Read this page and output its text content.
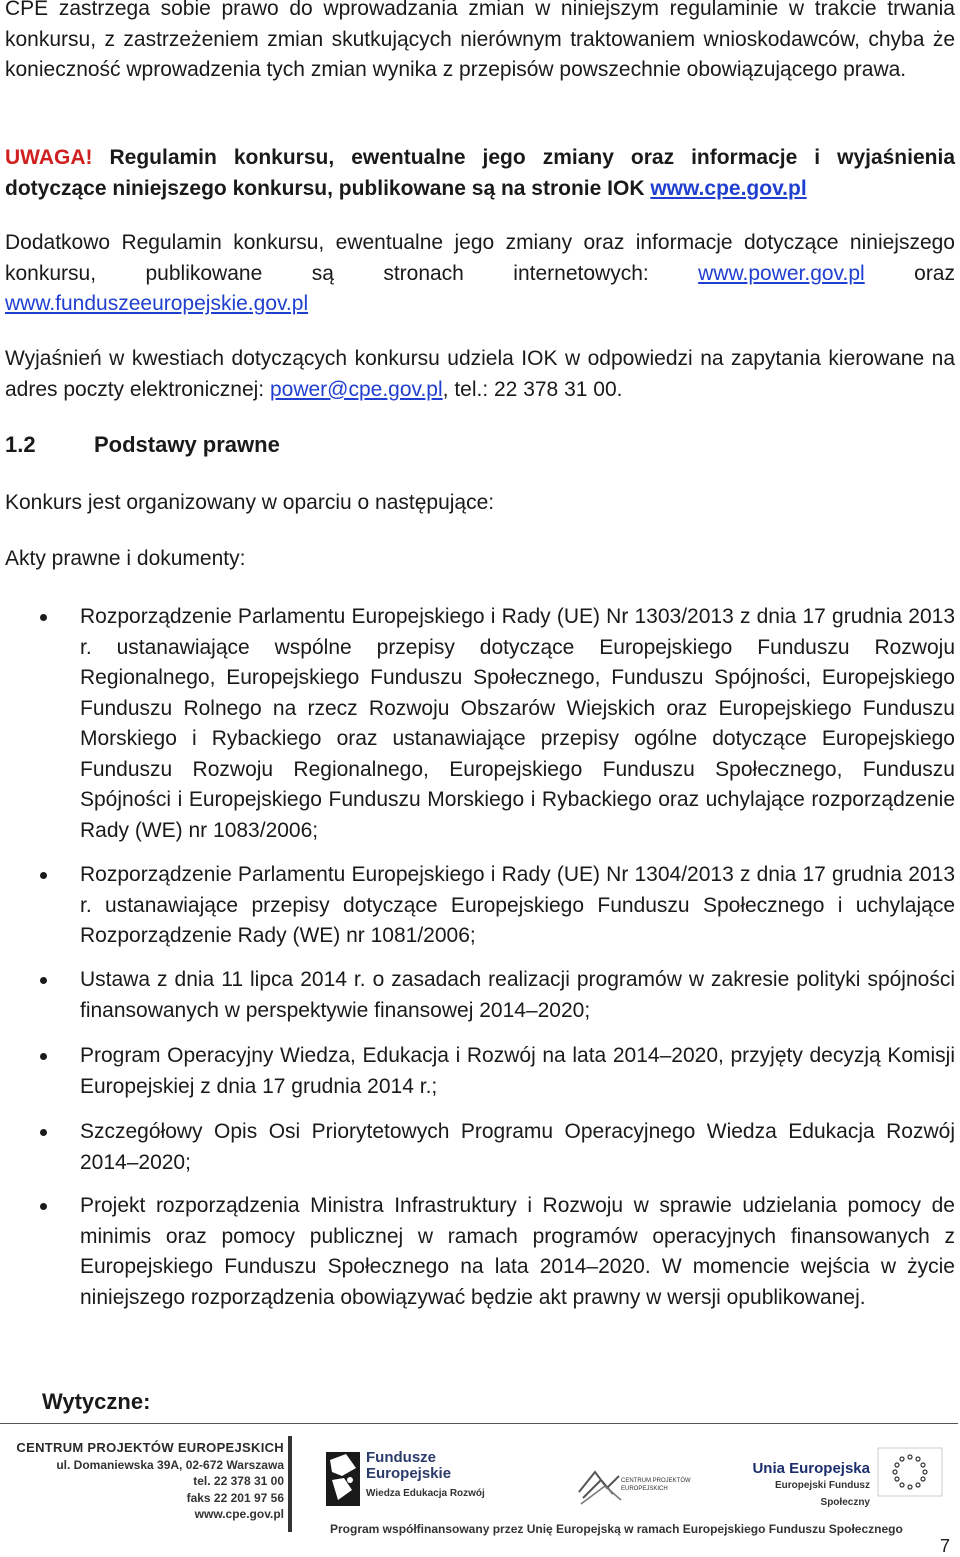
CPE zastrzega sobie prawo do wprowadzania zmian w niniejszym regulaminie w trakcie trwania konkursu, z zastrzeżeniem zmian skutkujących nierównym traktowaniem wnioskodawców, chyba że konieczność wprowadzenia tych zmian wynika z przepisów powszechnie obowiązującego prawa.

UWAGA! Regulamin konkursu, ewentualne jego zmiany oraz informacje i wyjaśnienia dotyczące niniejszego konkursu, publikowane są na stronie IOK www.cpe.gov.pl

Dodatkowo Regulamin konkursu, ewentualne jego zmiany oraz informacje dotyczące niniejszego konkursu, publikowane są stronach internetowych: www.power.gov.pl oraz www.funduszeeuropejskie.gov.pl

Wyjaśnień w kwestiach dotyczących konkursu udziela IOK w odpowiedzi na zapytania kierowane na adres poczty elektronicznej: power@cpe.gov.pl, tel.: 22 378 31 00.

1.2	Podstawy prawne

Konkurs jest organizowany w oparciu o następujące:

Akty prawne i dokumenty:

Rozporządzenie Parlamentu Europejskiego i Rady (UE) Nr 1303/2013 z dnia 17 grudnia 2013 r. ustanawiające wspólne przepisy dotyczące Europejskiego Funduszu Rozwoju Regionalnego, Europejskiego Funduszu Społecznego, Funduszu Spójności, Europejskiego Funduszu Rolnego na rzecz Rozwoju Obszarów Wiejskich oraz Europejskiego Funduszu Morskiego i Rybackiego oraz ustanawiające przepisy ogólne dotyczące Europejskiego Funduszu Rozwoju Regionalnego, Europejskiego Funduszu Społecznego, Funduszu Spójności i Europejskiego Funduszu Morskiego i Rybackiego oraz uchylające rozporządzenie Rady (WE) nr 1083/2006;

Rozporządzenie Parlamentu Europejskiego i Rady (UE) Nr 1304/2013 z dnia 17 grudnia 2013 r. ustanawiające przepisy dotyczące Europejskiego Funduszu Społecznego i uchylające Rozporządzenie Rady (WE) nr 1081/2006;

Ustawa z dnia 11 lipca 2014 r. o zasadach realizacji programów w zakresie polityki spójności finansowanych w perspektywie finansowej 2014–2020;

Program Operacyjny Wiedza, Edukacja i Rozwój na lata 2014–2020, przyjęty decyzją Komisji Europejskiej z dnia 17 grudnia 2014 r.;

Szczegółowy Opis Osi Priorytetowych Programu Operacyjnego Wiedza Edukacja Rozwój 2014–2020;

Projekt rozporządzenia Ministra Infrastruktury i Rozwoju w sprawie udzielania pomocy de minimis oraz pomocy publicznej w ramach programów operacyjnych finansowanych z Europejskiego Funduszu Społecznego na lata 2014–2020. W momencie wejścia w życie niniejszego rozporządzenia obowiązywać będzie akt prawny w wersji opublikowanej.

Wytyczne:

CENTRUM PROJEKTÓW EUROPEJSKICH
ul. Domaniewska 39A, 02-672 Warszawa
tel. 22 378 31 00
faks 22 201 97 56
www.cpe.gov.pl
Fundusze
Europejskie
Wiedza Edukacja Rozwój
CENTRUM PROJEKTÓW
EUROPEJSKICH
Unia Europejska
Europejski Fundusz Społeczny
Program współfinansowany przez Unię Europejską w ramach Europejskiego Funduszu Społecznego

7
